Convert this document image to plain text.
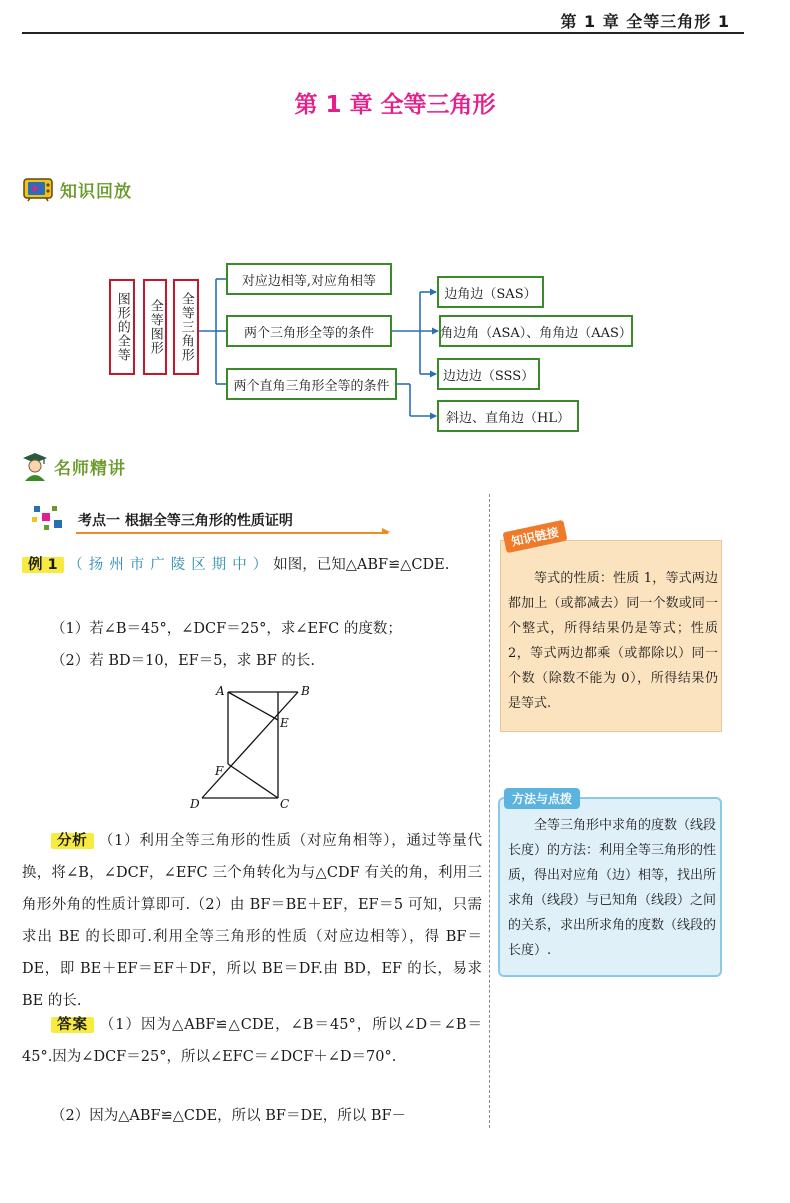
第 1 章 全等三角形 1
第 1 章 全等三角形
知识回放
图形的全等	全等图形	全等三角形
对应边相等,对应角相等
两个三角形全等的条件
两个直角三角形全等的条件
边角边（SAS）
角边角（ASA）、角角边（AAS）
边边边（SSS）
斜边、直角边（HL）
名师精讲
考点一 根据全等三角形的性质证明
例 1 （扬州市广陵区期中）如图，已知△ABF≌△CDE.
（1）若∠B＝45°，∠DCF＝25°，求∠EFC 的度数；
（2）若 BD＝10，EF＝5，求 BF 的长.
A	B
E
F
D	C
分析 （1）利用全等三角形的性质（对应角相等），通过等量代换，将∠B，∠DCF，∠EFC 三个角转化为与△CDF 有关的角，利用三角形外角的性质计算即可.（2）由 BF＝BE＋EF，EF＝5 可知，只需求出 BE 的长即可.利用全等三角形的性质（对应边相等），得 BF＝DE，即 BE＋EF＝EF＋DF，所以 BE＝DF.由 BD，EF 的长，易求 BE 的长.
答案 （1）因为△ABF≌△CDE，∠B＝45°，所以∠D＝∠B＝45°.因为∠DCF＝25°，所以∠EFC＝∠DCF＋∠D＝70°.
（2）因为△ABF≌△CDE，所以 BF＝DE，所以 BF－
知识链接
等式的性质：性质 1，等式两边都加上（或都减去）同一个数或同一个整式，所得结果仍是等式；性质 2，等式两边都乘（或都除以）同一个数（除数不能为 0），所得结果仍是等式.
方法与点拨
全等三角形中求角的度数（线段长度）的方法：利用全等三角形的性质，得出对应角（边）相等，找出所求角（线段）与已知角（线段）之间的关系，求出所求角的度数（线段的长度）.
